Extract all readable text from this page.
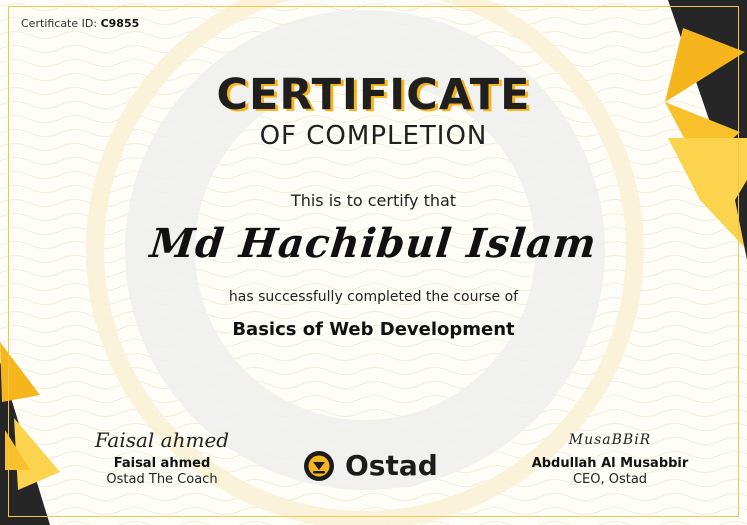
Certificate ID: C9855
CERTIFICATE
OF COMPLETION
This is to certify that
Md Hachibul Islam
has successfully completed the course of
Basics of Web Development
Faisal ahmed
Faisal ahmed
Ostad The Coach	Ostad
MusaBBiR
Abdullah Al Musabbir
CEO, Ostad
